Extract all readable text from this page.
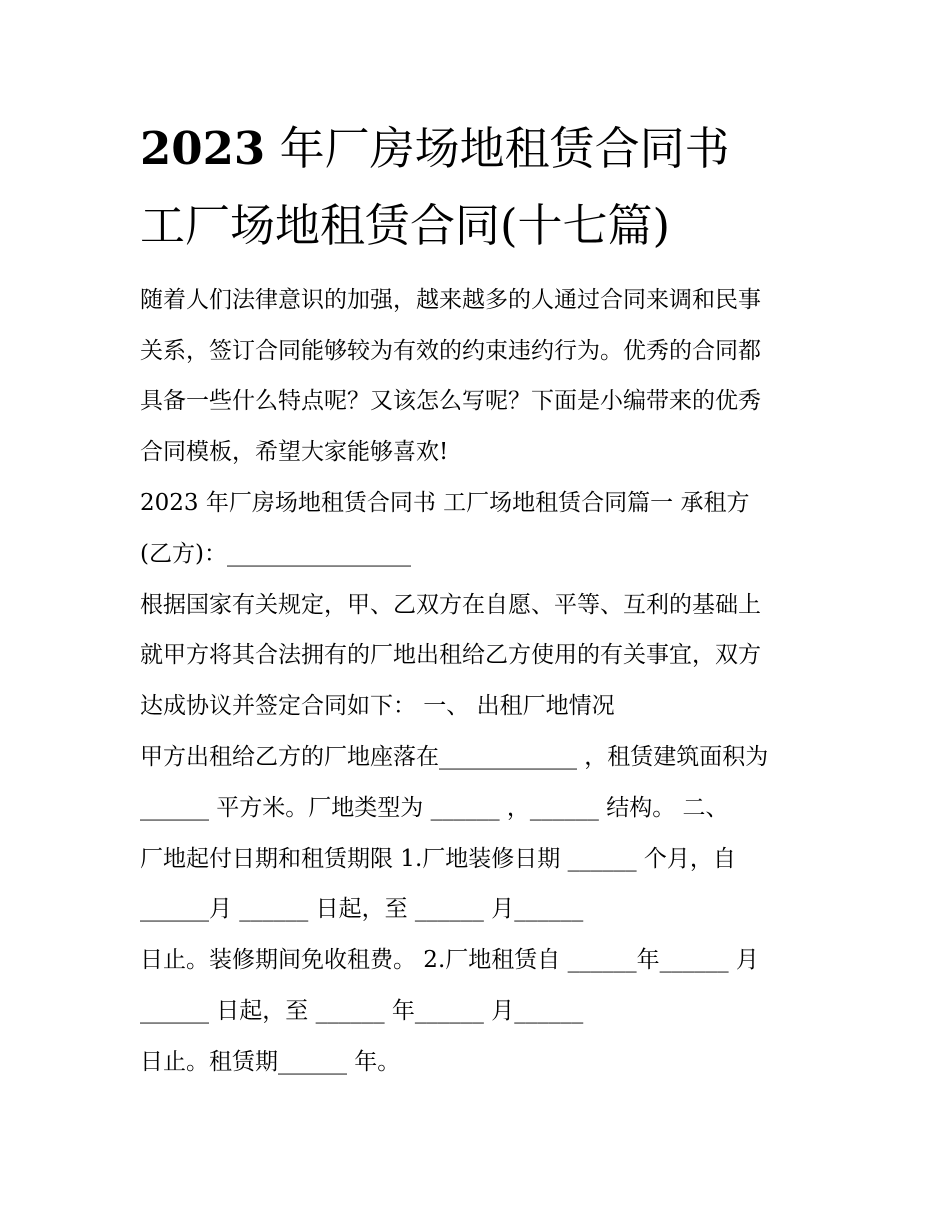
2023 年厂房场地租赁合同书
工厂场地租赁合同(十七篇)

随着人们法律意识的加强，越来越多的人通过合同来调和民事

关系，签订合同能够较为有效的约束违约行为。优秀的合同都

具备一些什么特点呢？又该怎么写呢？下面是小编带来的优秀

合同模板，希望大家能够喜欢!

2023 年厂房场地租赁合同书 工厂场地租赁合同篇一 承租方

(乙方)：________________

根据国家有关规定，甲、乙双方在自愿、平等、互利的基础上

就甲方将其合法拥有的厂地出租给乙方使用的有关事宜，双方

达成协议并签定合同如下： 一、 出租厂地情况

甲方出租给乙方的厂地座落在____________ ，租赁建筑面积为

______ 平方米。厂地类型为 ______ ，______ 结构。 二、

厂地起付日期和租赁期限 1.厂地装修日期 ______ 个月，自

______月 ______ 日起，至 ______ 月______

日止。装修期间免收租费。 2.厂地租赁自 ______年______ 月

______ 日起，至 ______ 年______ 月______

日止。租赁期______ 年。
